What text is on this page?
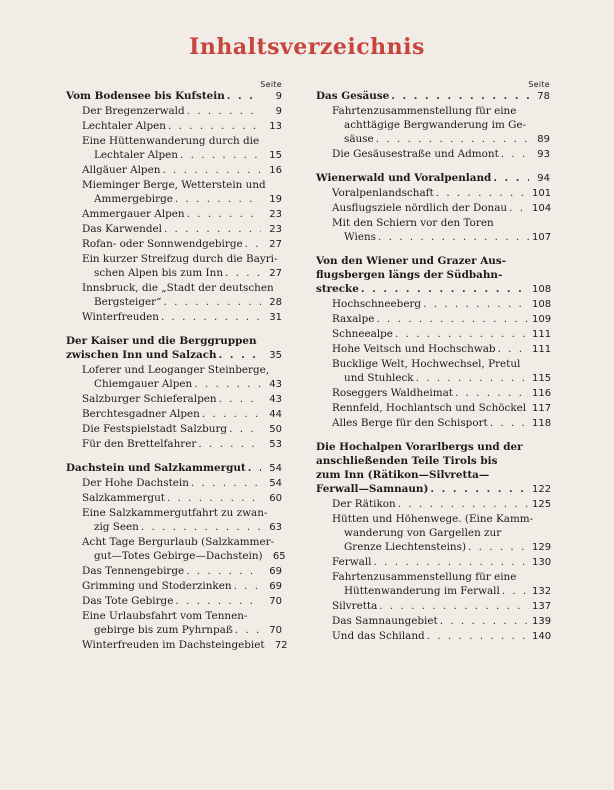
Inhaltsverzeichnis
Seite
Vom Bodensee bis Kufstein . . .	9
Der Bregenzerwald . . .	9
Lechtaler Alpen . . .	13
Eine Hüttenwanderung durch die
Lechtaler Alpen . . .	15
Allgäuer Alpen . . .	16
Mieminger Berge, Wetterstein und
Ammergebirge . . .	19
Ammergauer Alpen . . .	23
Das Karwendel . . .	23
Rofan- oder Sonnwendgebirge . . .	27
Ein kurzer Streifzug durch die Bayri-
schen Alpen bis zum Inn . . .	27
Innsbruck, die „Stadt der deutschen
Bergsteiger“ . . .	28
Winterfreuden . . .	31
Der Kaiser und die Berggruppen
zwischen Inn und Salzach . . .	35
Loferer und Leoganger Steinberge,
Chiemgauer Alpen . . .	43
Salzburger Schieferalpen . . .	43
Berchtesgadner Alpen . . .	44
Die Festspielstadt Salzburg . . .	50
Für den Brettelfahrer . . .	53
Dachstein und Salzkammergut . . .	54
Der Hohe Dachstein . . .	54
Salzkammergut . . .	60
Eine Salzkammergutfahrt zu zwan-
zig Seen . . .	63
Acht Tage Bergurlaub (Salzkammer-
gut—Totes Gebirge—Dachstein)	65
Das Tennengebirge . . .	69
Grimming und Stoderzinken . . .	69
Das Tote Gebirge . . .	70
Eine Urlaubsfahrt vom Tennen-
gebirge bis zum Pyhrnpaß . . .	70
Winterfreuden im Dachsteingebiet	72
Seite
Das Gesäuse . . .	78
Fahrtenzusammenstellung für eine
achttägige Bergwanderung im Ge-
säuse . . .	89
Die Gesäusestraße und Admont . . .	93
Wienerwald und Voralpenland . . .	94
Voralpenlandschaft . . .	101
Ausflugsziele nördlich der Donau . . . 104
Mit den Schiern vor den Toren
Wiens . . .	107
Von den Wiener und Grazer Aus-
flugsbergen längs der Südbahn-
strecke . . .	108
Hochschneeberg . . .	108
Raxalpe . . .	109
Schneealpe . . .	111
Hohe Veitsch und Hochschwab . . .	111
Bucklige Welt, Hochwechsel, Pretul
und Stuhleck . . .	115
Roseggers Waldheimat . . .	116
Rennfeld, Hochlantsch und Schöckel . . . 117
Alles Berge für den Schisport . . .	118
Die Hochalpen Vorarlbergs und der
anschließenden Teile Tirols bis
zum Inn (Rätikon—Silvretta—
Ferwall—Samnaun) . . .	122
Der Rätikon . . .	125
Hütten und Höhenwege. (Eine Kamm-
wanderung von Gargellen zur
Grenze Liechtensteins) . . .	129
Ferwall . . .	130
Fahrtenzusammenstellung für eine
Hüttenwanderung im Ferwall . . .	132
Silvretta . . .	137
Das Samnaungebiet . . .	139
Und das Schiland . . .	140
